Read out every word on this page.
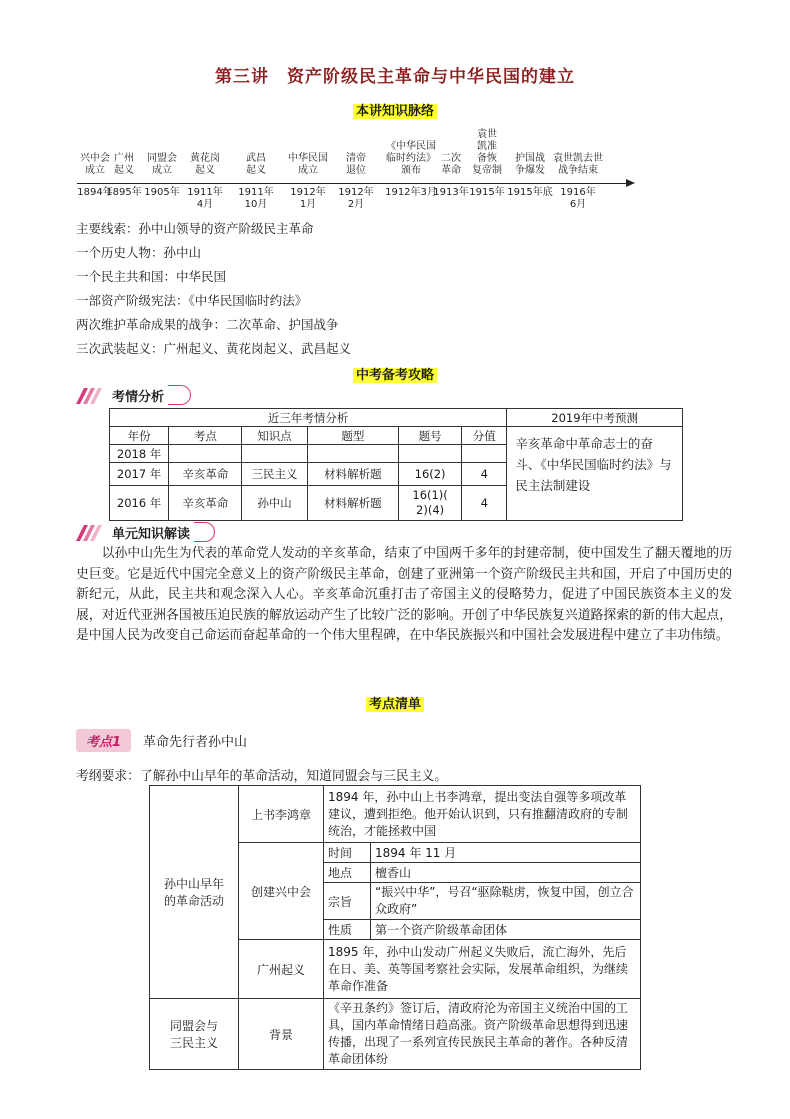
第三讲　资产阶级民主革命与中华民国的建立
本讲知识脉络
兴中会
成立
1894年
广州
起义
1895年
同盟会
成立
1905年
黄花岗
起义
1911年
4月
武昌
起义
1911年
10月
中华民国
成立
1912年
1月
清帝
退位
1912年
2月
《中华民国
临时约法》
颁布
1912年3月
二次
革命
1913年
袁世
凯准
备恢
复帝制
1915年
护国战
争爆发
1915年底
袁世凯去世
战争结束
1916年
6月
主要线索：孙中山领导的资产阶级民主革命
一个历史人物：孙中山
一个民主共和国：中华民国
一部资产阶级宪法：《中华民国临时约法》
两次维护革命成果的战争：二次革命、护国战争
三次武装起义：广州起义、黄花岗起义、武昌起义
中考备考攻略
考情分析
近三年考情分析						2019年中考预测
年份	考点	知识点	题型	题号	分值	辛亥革命中革命志士的奋斗、《中华民国临时约法》与民主法制建设
2018 年						
2017 年	辛亥革命	三民主义	材料解析题	16(2)	4	
2016 年	辛亥革命	孙中山	材料解析题	16(1)(
2)(4)	4	
单元知识解读
以孙中山先生为代表的革命党人发动的辛亥革命，结束了中国两千多年的封建帝制，使中国发生了翻天覆地的历史巨变。它是近代中国完全意义上的资产阶级民主革命，创建了亚洲第一个资产阶级民主共和国，开启了中国历史的新纪元，从此，民主共和观念深入人心。辛亥革命沉重打击了帝国主义的侵略势力，促进了中国民族资本主义的发展，对近代亚洲各国被压迫民族的解放运动产生了比较广泛的影响。开创了中华民族复兴道路探索的新的伟大起点，是中国人民为改变自己命运而奋起革命的一个伟大里程碑，在中华民族振兴和中国社会发展进程中建立了丰功伟绩。
考点清单
考点1	革命先行者孙中山
考纲要求：了解孙中山早年的革命活动，知道同盟会与三民主义。
孙中山早年
的革命活动	上书李鸿章	1894 年，孙中山上书李鸿章，提出变法自强等多项改革建议，遭到拒绝。他开始认识到，只有推翻清政府的专制统治，才能拯救中国	
	创建兴中会	时间	1894 年 11 月
		地点	檀香山
		宗旨	“振兴中华”，号召“驱除鞑虏，恢复中国，创立合众政府”
		性质	第一个资产阶级革命团体
	广州起义	1895 年，孙中山发动广州起义失败后，流亡海外，先后在日、美、英等国考察社会实际，发展革命组织，为继续革命作准备	
同盟会与
三民主义	背景	《辛丑条约》签订后，清政府沦为帝国主义统治中国的工具，国内革命情绪日趋高涨。资产阶级革命思想得到迅速传播，出现了一系列宣传民族民主革命的著作。各种反清革命团体纷	
